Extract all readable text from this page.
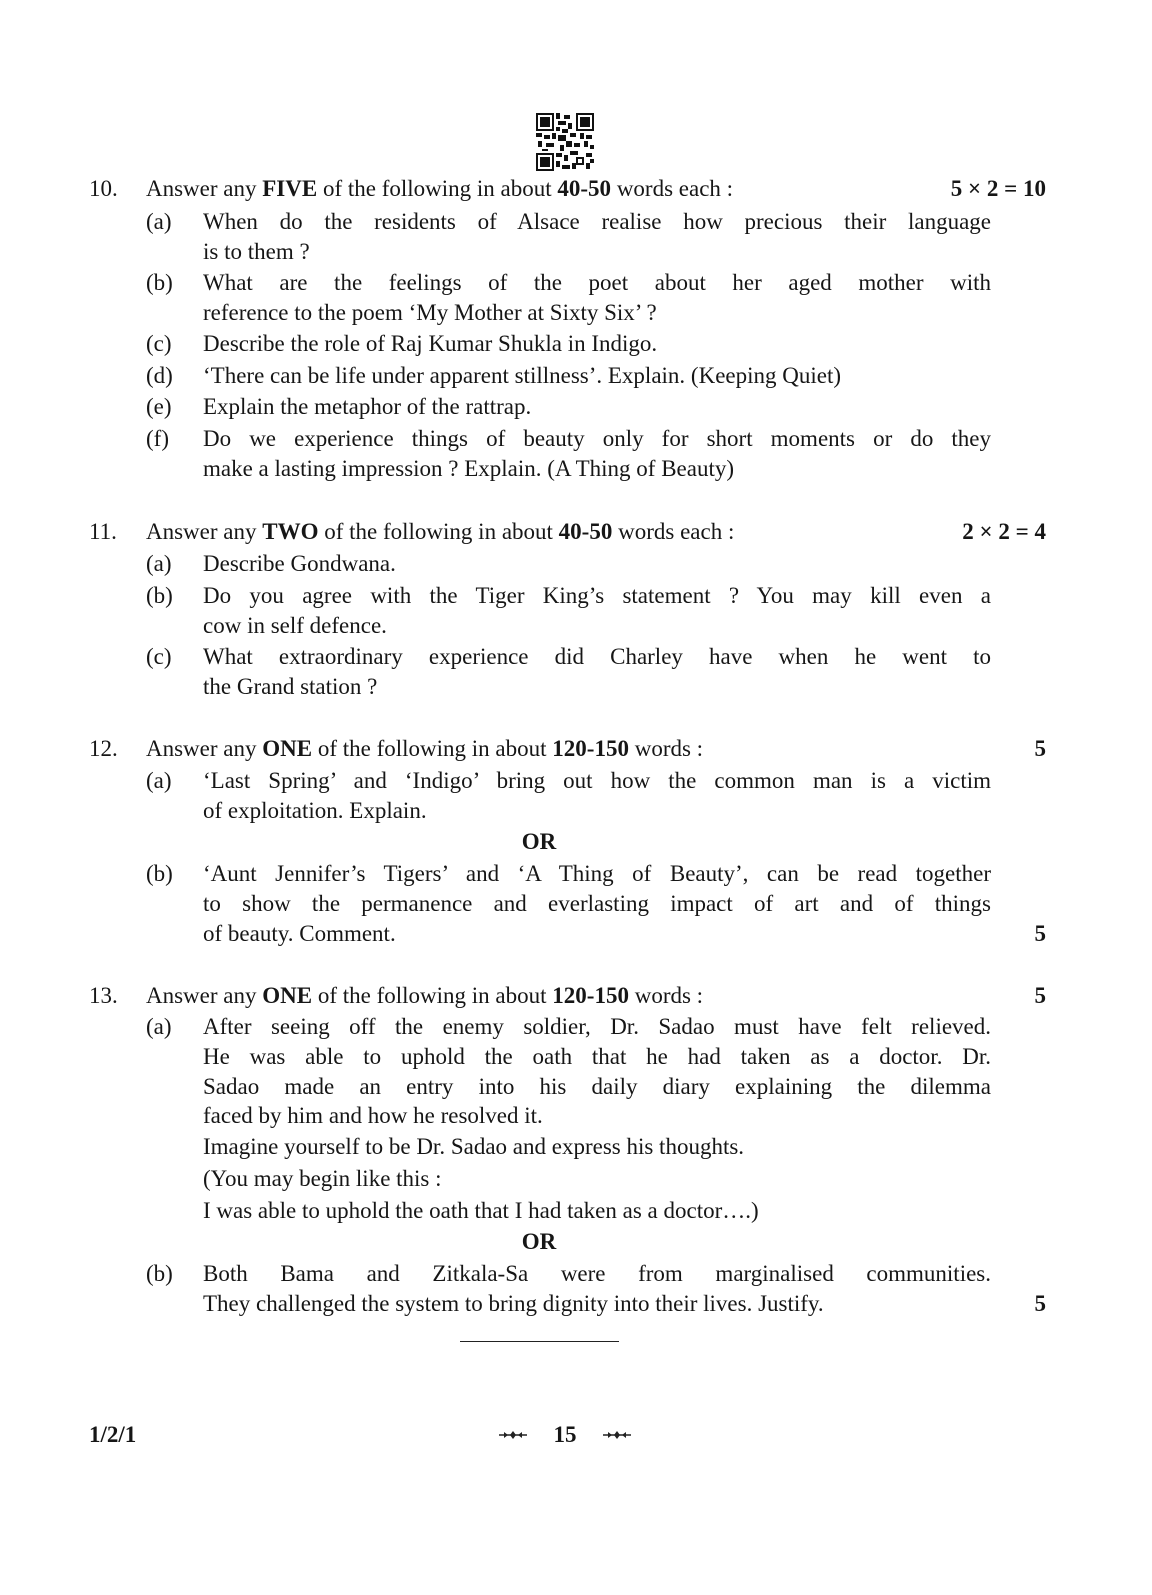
10. Answer any FIVE of the following in about 40-50 words each :	5 × 2 = 10
(a) When do the residents of Alsace realise how precious their language
is to them ?
(b) What are the feelings of the poet about her aged mother with
reference to the poem ‘My Mother at Sixty Six’ ?
(c) Describe the role of Raj Kumar Shukla in Indigo.
(d) ‘There can be life under apparent stillness’. Explain. (Keeping Quiet)
(e) Explain the metaphor of the rattrap.
(f) Do we experience things of beauty only for short moments or do they
make a lasting impression ? Explain. (A Thing of Beauty)
11. Answer any TWO of the following in about 40-50 words each :	2 × 2 = 4
(a) Describe Gondwana.
(b) Do you agree with the Tiger King’s statement ? You may kill even a
cow in self defence.
(c) What extraordinary experience did Charley have when he went to
the Grand station ?
12. Answer any ONE of the following in about 120-150 words :	5
(a) ‘Last Spring’ and ‘Indigo’ bring out how the common man is a victim
of exploitation. Explain.
OR
(b) ‘Aunt Jennifer’s Tigers’ and ‘A Thing of Beauty’, can be read together
to show the permanence and everlasting impact of art and of things
of beauty. Comment.	5
13. Answer any ONE of the following in about 120-150 words :	5
(a) After seeing off the enemy soldier, Dr. Sadao must have felt relieved.
He was able to uphold the oath that he had taken as a doctor. Dr.
Sadao made an entry into his daily diary explaining the dilemma
faced by him and how he resolved it.
Imagine yourself to be Dr. Sadao and express his thoughts.
(You may begin like this :
I was able to uphold the oath that I had taken as a doctor….)
OR
(b) Both Bama and Zitkala-Sa were from marginalised communities.
They challenged the system to bring dignity into their lives. Justify.	5
1/2/1	15
